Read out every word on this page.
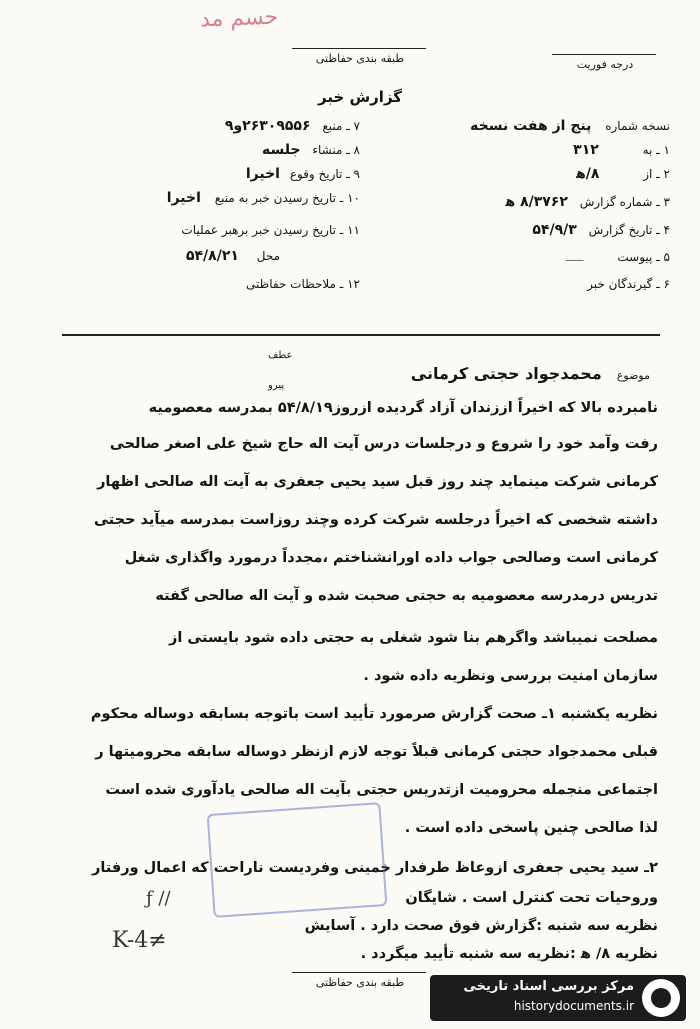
حسم مد
طبقه بندی حفاظتی	درجه فوریت
گزارش خبر
نسخه شماره پنج از هفت نسخه
۱ ـ به ۳۱۲
۲ ـ از ۸/ﻫ
۳ ـ شماره گزارش ۸/۳۷۶۲ ﻫ
۴ ـ تاریخ گزارش ۵۴/۹/۳
۵ ـ پیوست ـــــ
۶ ـ گیرندگان خبر
۷ ـ منبع ۲۶۳۰۹۵۵۶و۹
۸ ـ منشاء جلسه
۹ ـ تاریخ وقوع اخیرا
۱۰ ـ تاریخ رسیدن خبر به منبع اخیرا
۱۱ ـ تاریخ رسیدن خبر برهبر عملیات
محل ۵۴/۸/۲۱
۱۲ ـ ملاحظات حفاظتی
عطف
پیرو
موضوع محمدجواد حجتی کرمانی
نامبرده بالا که اخیراً اززندان آزاد گردیده ازروز۵۴/۸/۱۹ بمدرسه معصومیه
رفت وآمد خود را شروع و درجلسات درس آیت اله حاج شیخ علی اصغر صالحی
کرمانی شرکت مینماید چند روز قبل سید یحیی جعفری به آیت اله صالحی اظهار
داشته شخصی که اخیراً درجلسه شرکت کرده وچند روزاست بمدرسه میآید حجتی
کرمانی است وصالحی جواب داده اورانشناختم ،مجدداً درمورد واگذاری شغل
تدریس درمدرسه معصومیه به حجتی صحبت شده و آیت اله صالحی گفته
مصلحت نمیباشد واگرهم بنا شود شغلی به حجتی داده شود بایستی از
سازمان امنیت بررسی ونظریه داده شود .
نظریه یکشنبه ۱ـ صحت گزارش صرمورد تأیید است باتوجه بسابقه دوساله محکوم
قبلی محمدجواد حجتی کرمانی قبلاً توجه لازم ازنظر دوساله سابقه محرومیتها ر
اجتماعی منجمله محرومیت ازتدریس حجتی بآیت اله صالحی یادآوری شده است
لذا صالحی چنین پاسخی داده است .
۲ـ سید یحیی جعفری ازوعاظ طرفدار خمینی وفردیست ناراحت که اعمال ورفتار
وروحیات تحت کنترل است . شایگان
نظریه سه شنبه :گزارش فوق صحت دارد . آسایش
نظریه ۸/ ﻫ :نظریه سه شنبه تأیید میگردد .
K-4≠
ƒ ∕∕
طبقه بندی حفاظتی	مرکز بررسی اسناد تاریخی
historydocuments.ir
